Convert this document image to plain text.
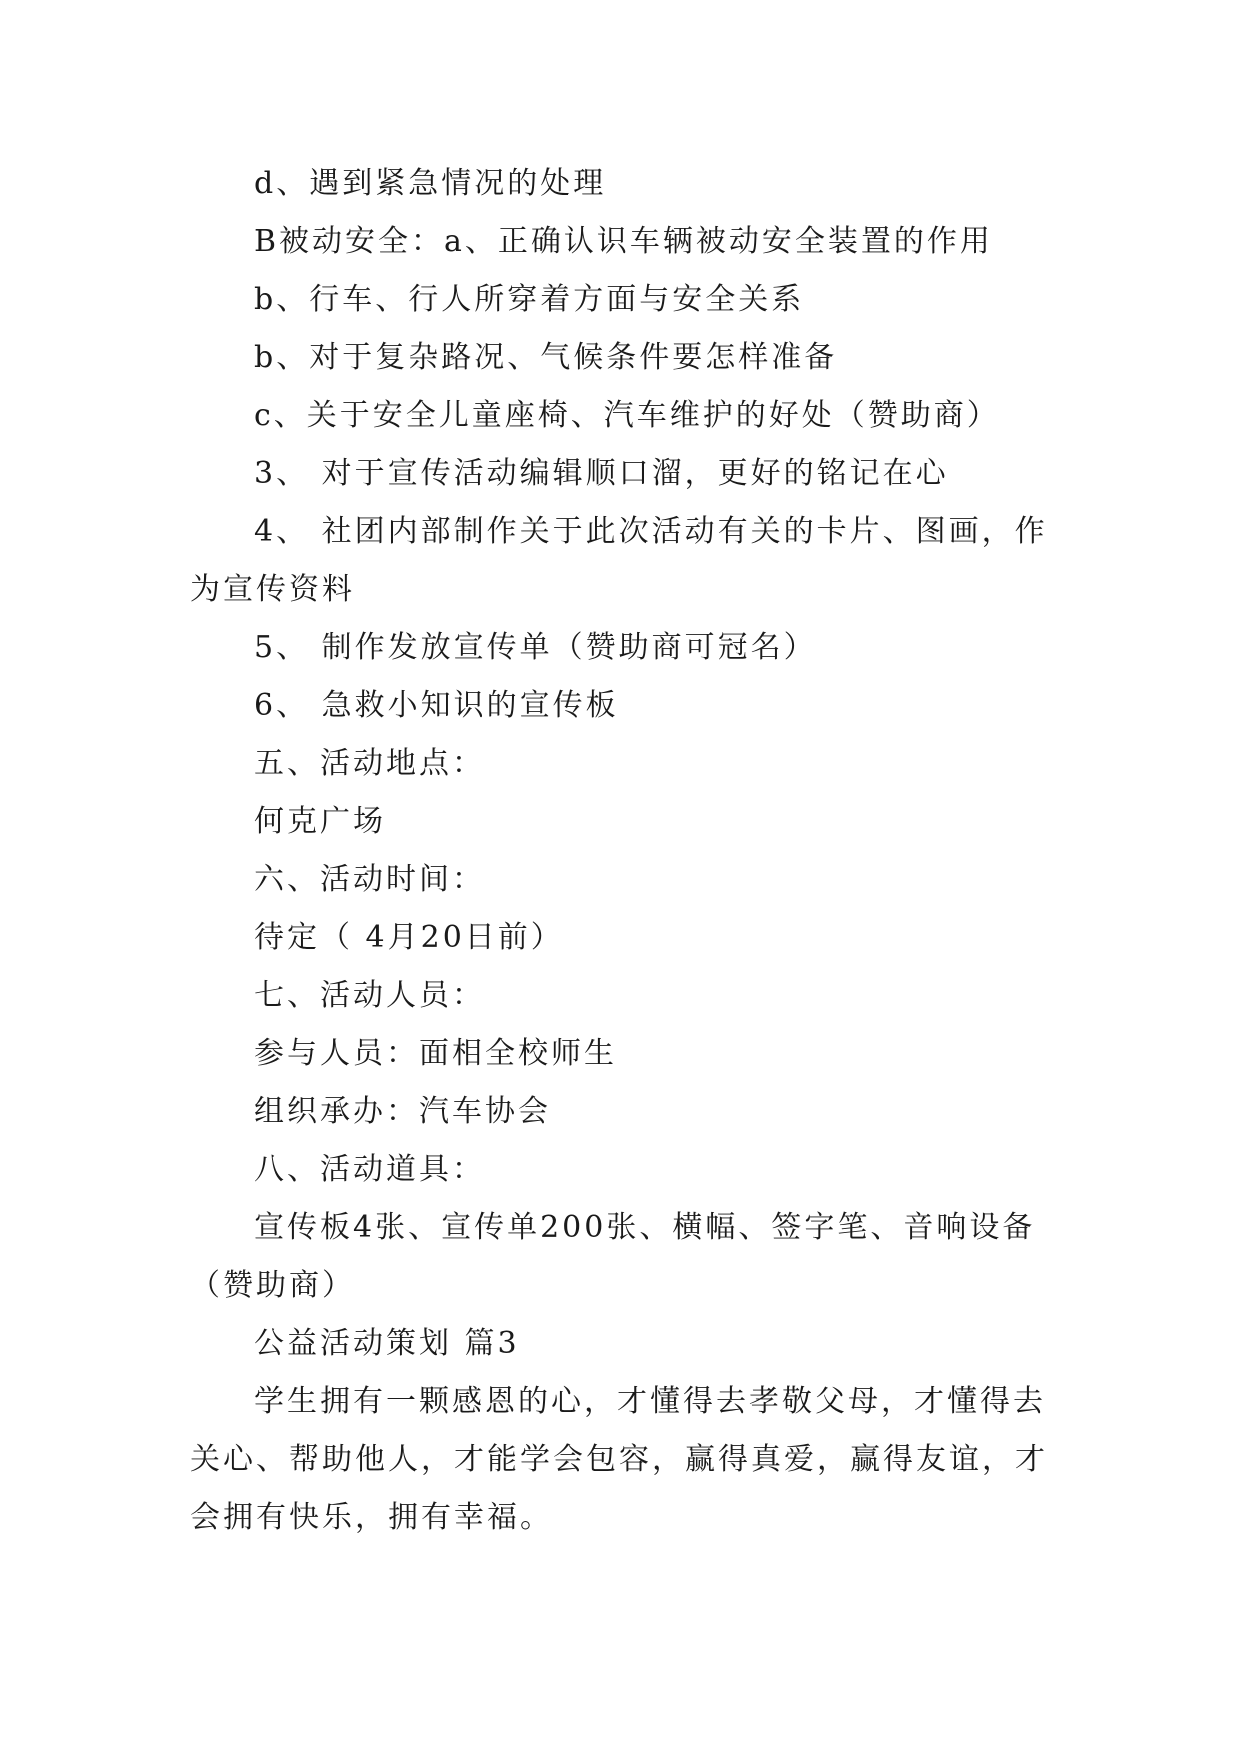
d、遇到紧急情况的处理

B被动安全：a、正确认识车辆被动安全装置的作用

b、行车、行人所穿着方面与安全关系

b、对于复杂路况、气候条件要怎样准备

c、关于安全儿童座椅、汽车维护的好处（赞助商）

3、 对于宣传活动编辑顺口溜，更好的铭记在心

4、 社团内部制作关于此次活动有关的卡片、图画，作为宣传资料

5、 制作发放宣传单（赞助商可冠名）

6、 急救小知识的宣传板

五、活动地点：

何克广场

六、活动时间：

待定（ 4月20日前）

七、活动人员：

参与人员：面相全校师生

组织承办：汽车协会

八、活动道具：

宣传板4张、宣传单200张、横幅、签字笔、音响设备（赞助商）

公益活动策划 篇3

学生拥有一颗感恩的心，才懂得去孝敬父母，才懂得去关心、帮助他人，才能学会包容，赢得真爱，赢得友谊，才会拥有快乐，拥有幸福。
